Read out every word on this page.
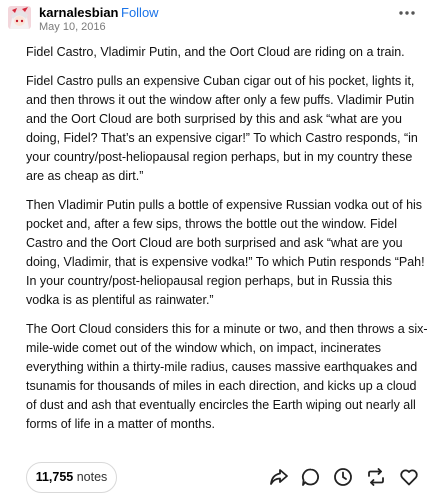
karnalesbian Follow
May 10, 2016

Fidel Castro, Vladimir Putin, and the Oort Cloud are riding on a train.

Fidel Castro pulls an expensive Cuban cigar out of his pocket, lights it, and then throws it out the window after only a few puffs. Vladimir Putin and the Oort Cloud are both surprised by this and ask “what are you doing, Fidel? That’s an expensive cigar!” To which Castro responds, “in your country/post-heliopausal region perhaps, but in my country these are as cheap as dirt.”

Then Vladimir Putin pulls a bottle of expensive Russian vodka out of his pocket and, after a few sips, throws the bottle out the window. Fidel Castro and the Oort Cloud are both surprised and ask “what are you doing, Vladimir, that is expensive vodka!” To which Putin responds “Pah! In your country/post-heliopausal region perhaps, but in Russia this vodka is as plentiful as rainwater.”

The Oort Cloud considers this for a minute or two, and then throws a six-mile-wide comet out of the window which, on impact, incinerates everything within a thirty-mile radius, causes massive earthquakes and tsunamis for thousands of miles in each direction, and kicks up a cloud of dust and ash that eventually encircles the Earth wiping out nearly all forms of life in a matter of months.

11,755 notes
